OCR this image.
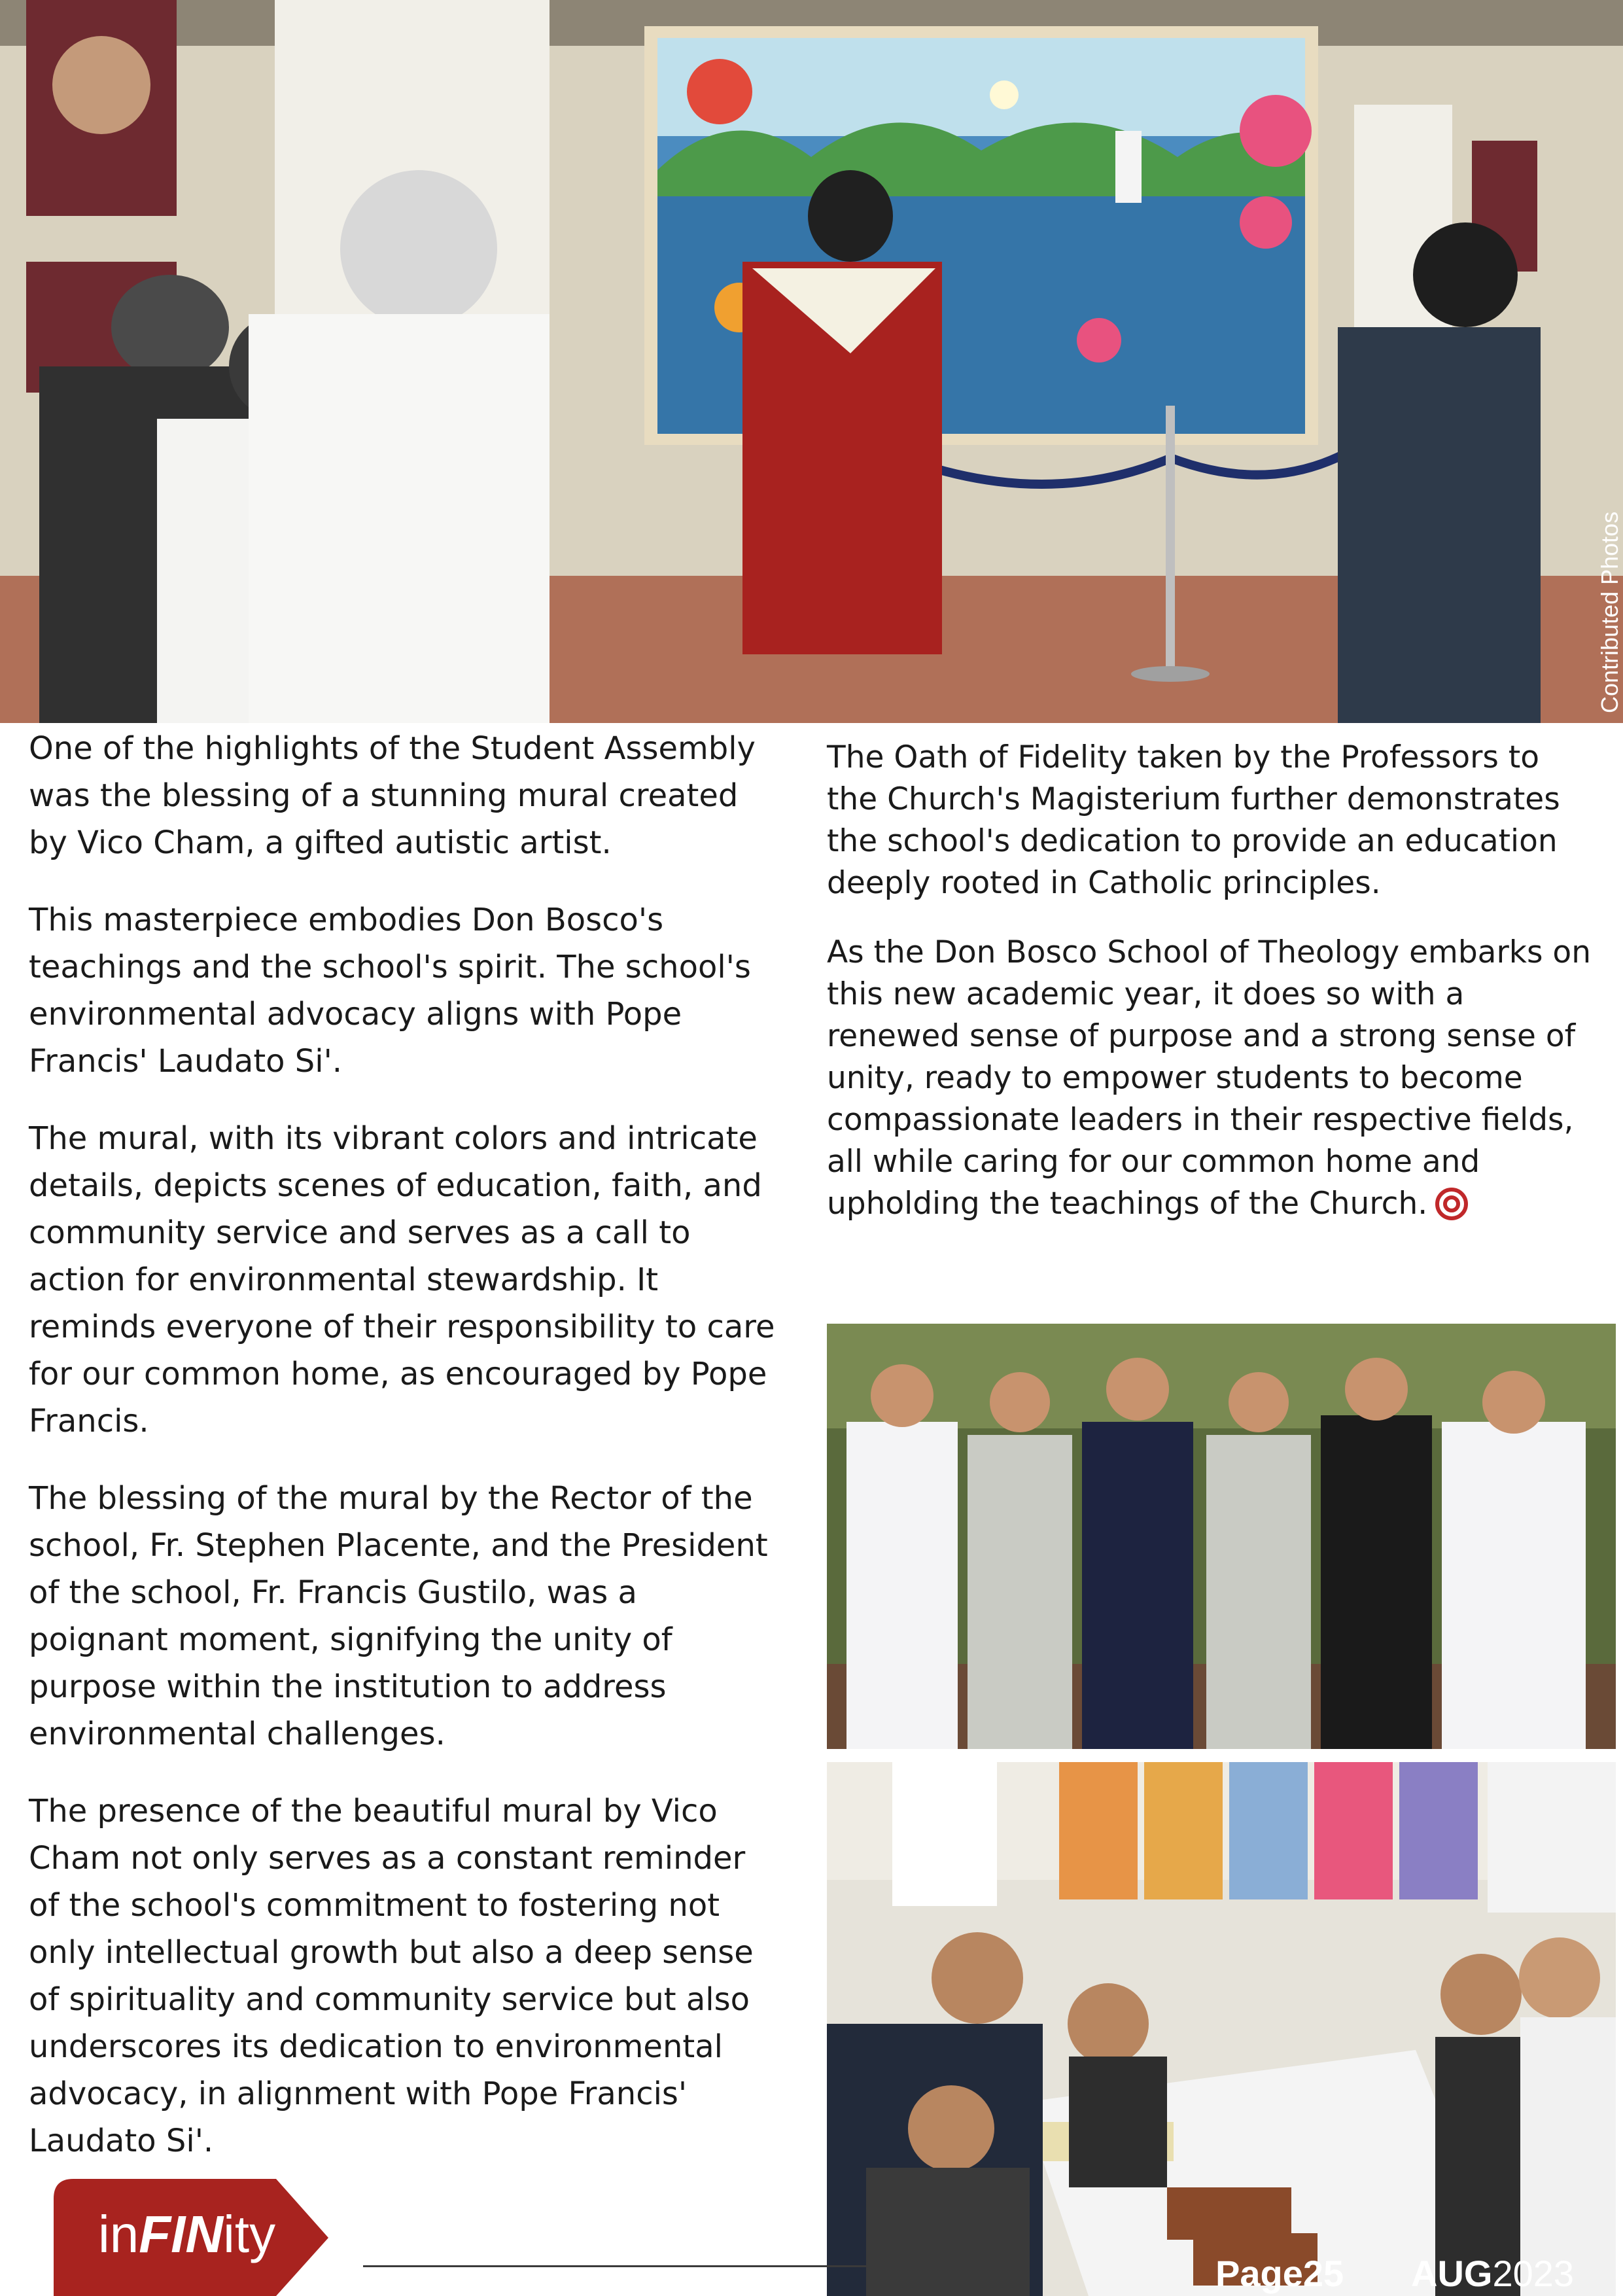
Contributed Photos

One of the highlights of the Student Assembly was the blessing of a stunning mural created by Vico Cham, a gifted autistic artist.

This masterpiece embodies Don Bosco's teachings and the school's spirit. The school's environmental advocacy aligns with Pope Francis' Laudato Si'.

The mural, with its vibrant colors and intricate details, depicts scenes of education, faith, and community service and serves as a call to action for environmental stewardship. It reminds everyone of their responsibility to care for our common home, as encouraged by Pope Francis.

The blessing of the mural by the Rector of the school, Fr. Stephen Placente, and the President of the school, Fr. Francis Gustilo, was a poignant moment, signifying the unity of purpose within the institution to address environmental challenges.

The presence of the beautiful mural by Vico Cham not only serves as a constant reminder of the school's commitment to fostering not only intellectual growth but also a deep sense of spirituality and community service but also underscores its dedication to environmental advocacy, in alignment with Pope Francis' Laudato Si'.

The Oath of Fidelity taken by the Professors to the Church's Magisterium further demonstrates the school's dedication to provide an education deeply rooted in Catholic principles.

As the Don Bosco School of Theology embarks on this new academic year, it does so with a renewed sense of purpose and a strong sense of unity, ready to empower students to become compassionate leaders in their respective fields, all while caring for our common home and upholding the teachings of the Church.

inFINity
Page25 AUG2023
